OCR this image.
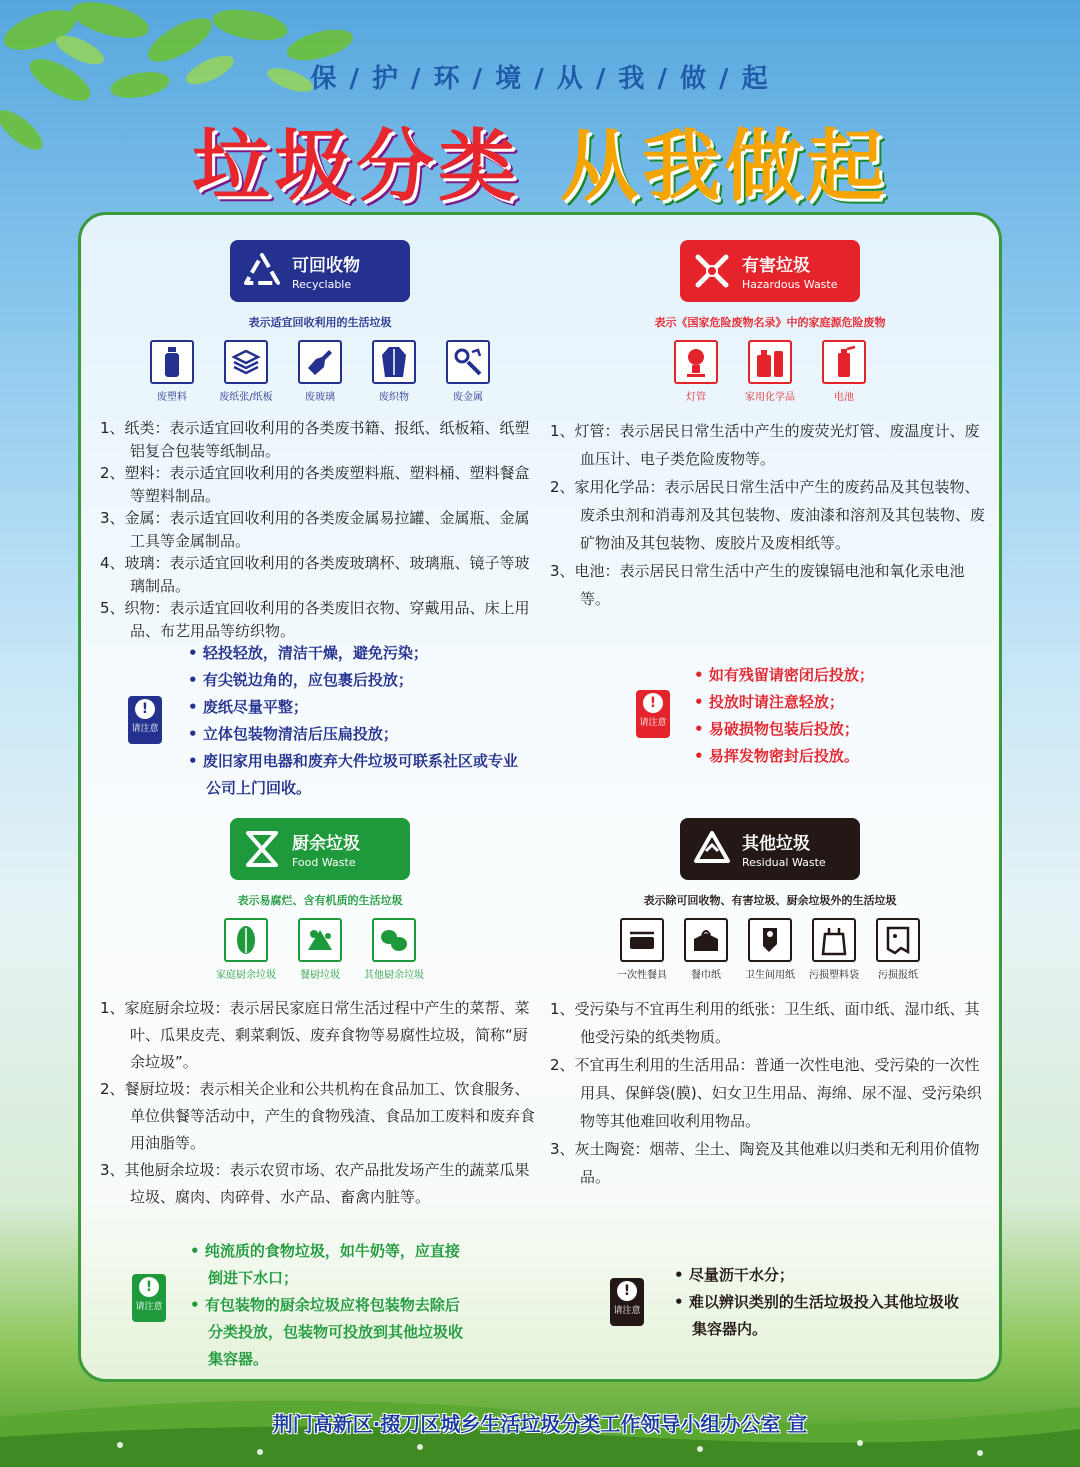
保 / 护 / 环 / 境 / 从 / 我 / 做 / 起
垃圾分类 从我做起
可回收物
Recyclable
表示适宜回收利用的生活垃圾
废塑料	废纸张/纸板	废玻璃	废织物	废金属
1、纸类：表示适宜回收利用的各类废书籍、报纸、纸板箱、纸塑铝复合包装等纸制品。
2、塑料：表示适宜回收利用的各类废塑料瓶、塑料桶、塑料餐盒等塑料制品。
3、金属：表示适宜回收利用的各类废金属易拉罐、金属瓶、金属工具等金属制品。
4、玻璃：表示适宜回收利用的各类废玻璃杯、玻璃瓶、镜子等玻璃制品。
5、织物：表示适宜回收利用的各类废旧衣物、穿戴用品、床上用品、布艺用品等纺织物。
!
请注意
• 轻投轻放，清洁干燥，避免污染；
• 有尖锐边角的，应包裹后投放；
• 废纸尽量平整；
• 立体包装物清洁后压扁投放；
• 废旧家用电器和废弃大件垃圾可联系社区或专业公司上门回收。
有害垃圾
Hazardous Waste
表示《国家危险废物名录》中的家庭源危险废物
灯管	家用化学品	电池
1、灯管：表示居民日常生活中产生的废荧光灯管、废温度计、废血压计、电子类危险废物等。
2、家用化学品：表示居民日常生活中产生的废药品及其包装物、废杀虫剂和消毒剂及其包装物、废油漆和溶剂及其包装物、废矿物油及其包装物、废胶片及废相纸等。
3、电池：表示居民日常生活中产生的废镍镉电池和氧化汞电池等。
!
请注意
• 如有残留请密闭后投放；
• 投放时请注意轻放；
• 易破损物包装后投放；
• 易挥发物密封后投放。
厨余垃圾
Food Waste
表示易腐烂、含有机质的生活垃圾
家庭厨余垃圾 餐厨垃圾 其他厨余垃圾
1、家庭厨余垃圾：表示居民家庭日常生活过程中产生的菜帮、菜叶、瓜果皮壳、剩菜剩饭、废弃食物等易腐性垃圾，简称“厨余垃圾”。
2、餐厨垃圾：表示相关企业和公共机构在食品加工、饮食服务、单位供餐等活动中，产生的食物残渣、食品加工废料和废弃食用油脂等。
3、其他厨余垃圾：表示农贸市场、农产品批发场产生的蔬菜瓜果垃圾、腐肉、肉碎骨、水产品、畜禽内脏等。
!
请注意
• 纯流质的食物垃圾，如牛奶等，应直接倒进下水口；
• 有包装物的厨余垃圾应将包装物去除后分类投放，包装物可投放到其他垃圾收集容器。
其他垃圾
Residual Waste
表示除可回收物、有害垃圾、厨余垃圾外的生活垃圾
一次性餐具 餐巾纸 卫生间用纸 污损塑料袋 污损报纸
1、受污染与不宜再生利用的纸张：卫生纸、面巾纸、湿巾纸、其他受污染的纸类物质。
2、不宜再生利用的生活用品：普通一次性电池、受污染的一次性用具、保鲜袋(膜)、妇女卫生用品、海绵、尿不湿、受污染织物等其他难回收利用物品。
3、灰土陶瓷：烟蒂、尘土、陶瓷及其他难以归类和无利用价值物品。
!
请注意
• 尽量沥干水分；
• 难以辨识类别的生活垃圾投入其他垃圾收集容器内。
荆门高新区·掇刀区城乡生活垃圾分类工作领导小组办公室 宣
